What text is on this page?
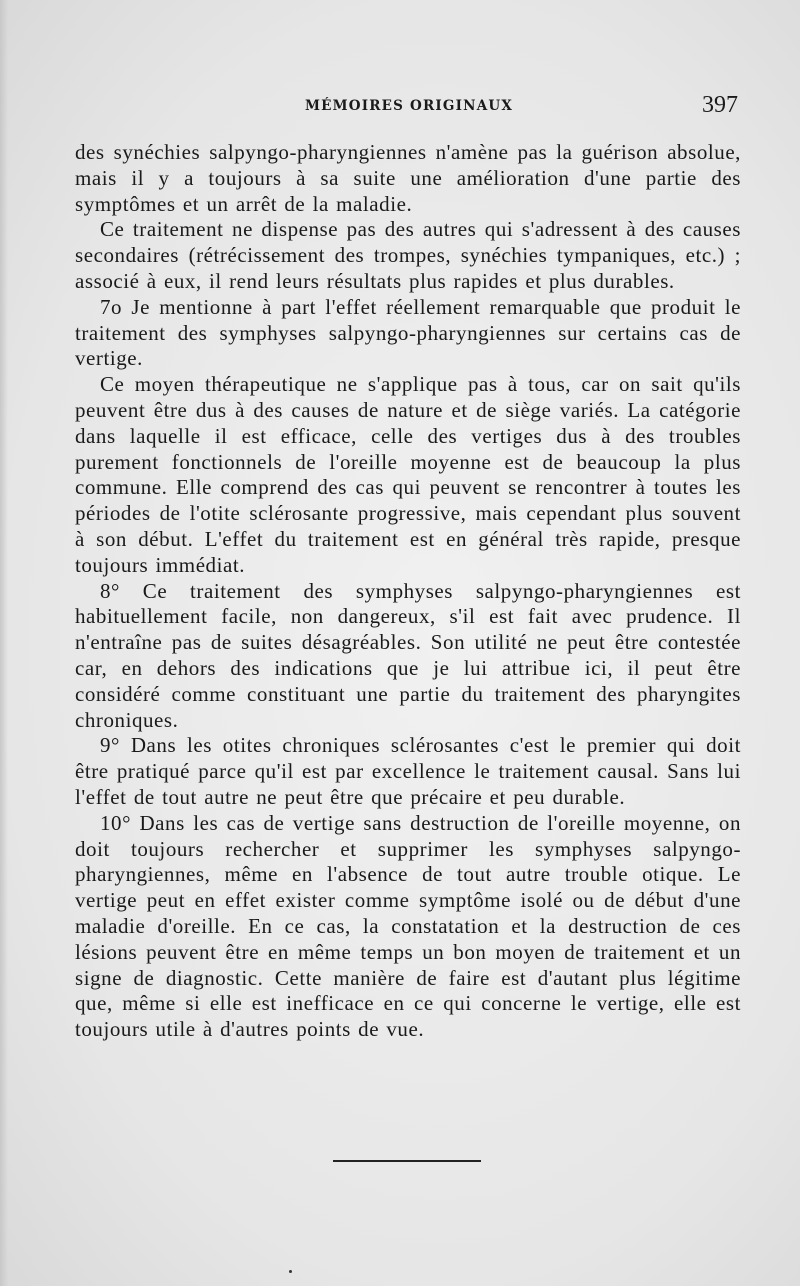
MÉMOIRES ORIGINAUX	397

des synéchies salpyngo-pharyngiennes n'amène pas la guérison absolue, mais il y a toujours à sa suite une amélioration d'une partie des symptômes et un arrêt de la maladie.

Ce traitement ne dispense pas des autres qui s'adressent à des causes secondaires (rétrécissement des trompes, synéchies tympaniques, etc.) ; associé à eux, il rend leurs résultats plus rapides et plus durables.

7o Je mentionne à part l'effet réellement remarquable que produit le traitement des symphyses salpyngo-pharyngiennes sur certains cas de vertige.

Ce moyen thérapeutique ne s'applique pas à tous, car on sait qu'ils peuvent être dus à des causes de nature et de siège variés. La catégorie dans laquelle il est efficace, celle des vertiges dus à des troubles purement fonctionnels de l'oreille moyenne est de beaucoup la plus commune. Elle comprend des cas qui peuvent se rencontrer à toutes les périodes de l'otite sclérosante progressive, mais cependant plus souvent à son début. L'effet du traitement est en général très rapide, presque toujours immédiat.

8° Ce traitement des symphyses salpyngo-pharyngiennes est habituellement facile, non dangereux, s'il est fait avec prudence. Il n'entraîne pas de suites désagréables. Son utilité ne peut être contestée car, en dehors des indications que je lui attribue ici, il peut être considéré comme constituant une partie du traitement des pharyngites chroniques.

9° Dans les otites chroniques sclérosantes c'est le premier qui doit être pratiqué parce qu'il est par excellence le traitement causal. Sans lui l'effet de tout autre ne peut être que précaire et peu durable.

10° Dans les cas de vertige sans destruction de l'oreille moyenne, on doit toujours rechercher et supprimer les symphyses salpyngo-pharyngiennes, même en l'absence de tout autre trouble otique. Le vertige peut en effet exister comme symptôme isolé ou de début d'une maladie d'oreille. En ce cas, la constatation et la destruction de ces lésions peuvent être en même temps un bon moyen de traitement et un signe de diagnostic. Cette manière de faire est d'autant plus légitime que, même si elle est inefficace en ce qui concerne le vertige, elle est toujours utile à d'autres points de vue.
